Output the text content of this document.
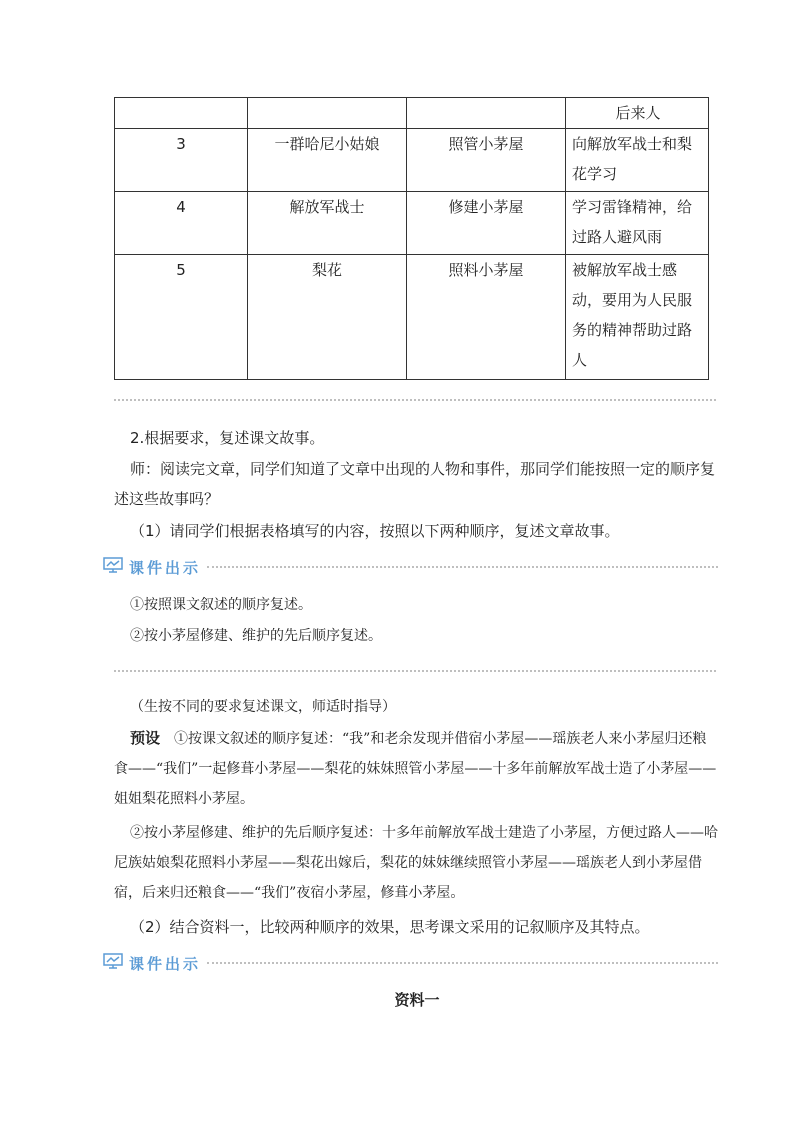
			后来人
3	一群哈尼小姑娘	照管小茅屋	向解放军战士和梨花学习
4	解放军战士	修建小茅屋	学习雷锋精神，给过路人避风雨
5	梨花	照料小茅屋	被解放军战士感动，要用为人民服务的精神帮助过路人
2.根据要求，复述课文故事。
师：阅读完文章，同学们知道了文章中出现的人物和事件，那同学们能按照一定的顺序复述这些故事吗？
（1）请同学们根据表格填写的内容，按照以下两种顺序，复述文章故事。
课件出示
①按照课文叙述的顺序复述。
②按小茅屋修建、维护的先后顺序复述。
（生按不同的要求复述课文，师适时指导）
预设 ①按课文叙述的顺序复述：“我”和老余发现并借宿小茅屋——瑶族老人来小茅屋归还粮食——“我们”一起修葺小茅屋——梨花的妹妹照管小茅屋——十多年前解放军战士造了小茅屋——姐姐梨花照料小茅屋。
②按小茅屋修建、维护的先后顺序复述：十多年前解放军战士建造了小茅屋，方便过路人——哈尼族姑娘梨花照料小茅屋——梨花出嫁后，梨花的妹妹继续照管小茅屋——瑶族老人到小茅屋借宿，后来归还粮食——“我们”夜宿小茅屋，修葺小茅屋。
（2）结合资料一，比较两种顺序的效果，思考课文采用的记叙顺序及其特点。
课件出示
资料一
